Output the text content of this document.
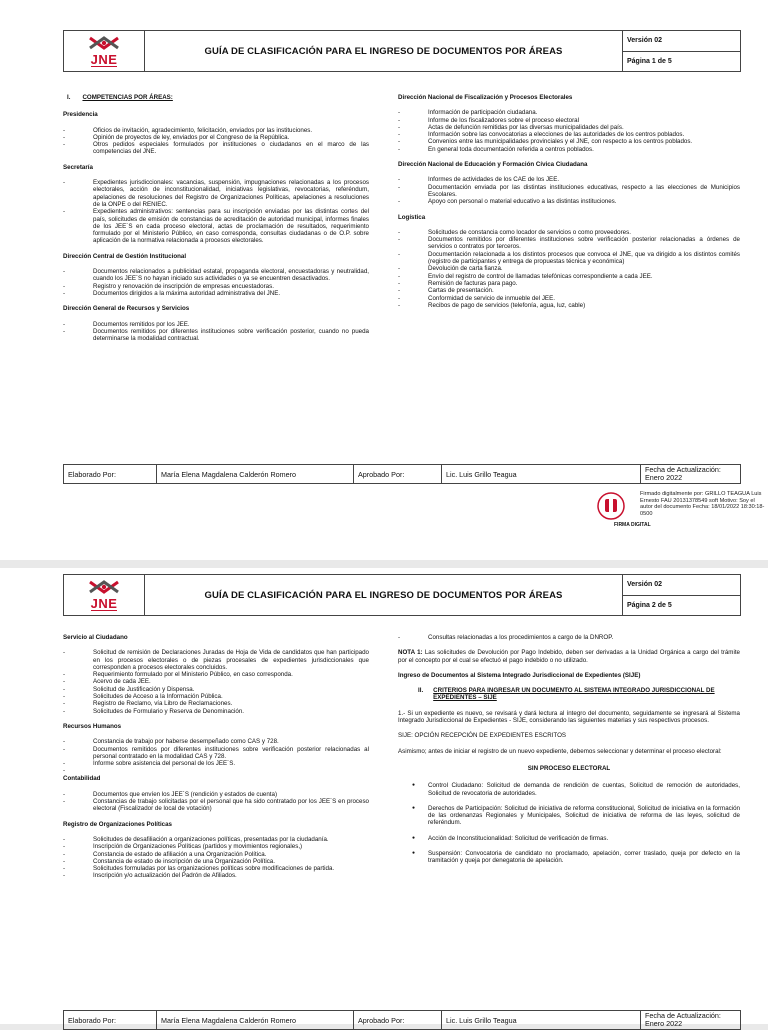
JNE
GUÍA DE CLASIFICACIÓN PARA EL INGRESO DE DOCUMENTOS POR ÁREAS
Versión 02
Página 1 de 5
I. COMPETENCIAS POR ÁREAS:
Presidencia
- Oficios de invitación, agradecimiento, felicitación, enviados por las instituciones.
- Opinión de proyectos de ley, enviados por el Congreso de la República.
- Otros pedidos especiales formulados por instituciones o ciudadanos en el marco de las competencias del JNE.
Secretaría
- Expedientes jurisdiccionales: vacancias, suspensión, impugnaciones relacionadas a los procesos electorales, acción de inconstitucionalidad, iniciativas legislativas, revocatorias, referéndum, apelaciones de resoluciones del Registro de Organizaciones Políticas, apelaciones a resoluciones de la ONPE o del RENIEC.
- Expedientes administrativos: sentencias para su inscripción enviadas por las distintas cortes del país, solicitudes de emisión de constancias de acreditación de autoridad municipal, informes finales de los JEE´S en cada proceso electoral, actas de proclamación de resultados, requerimiento formulado por el Ministerio Público, en caso corresponda, consultas ciudadanas o de O.P. sobre aplicación de la normativa relacionada a procesos electorales.
Dirección Central de Gestión Institucional
- Documentos relacionados a publicidad estatal, propaganda electoral, encuestadoras y neutralidad, cuando los JEE´S no hayan iniciado sus actividades o ya se encuentren desactivados.
- Registro y renovación de inscripción de empresas encuestadoras.
- Documentos dirigidos a la máxima autoridad administrativa del JNE.
Dirección General de Recursos y Servicios
- Documentos remitidos por los JEE.
- Documentos remitidos por diferentes instituciones sobre verificación posterior, cuando no pueda determinarse la modalidad contractual.
Dirección Nacional de Fiscalización y Procesos Electorales
- Información de participación ciudadana.
- Informe de los fiscalizadores sobre el proceso electoral
- Actas de defunción remitidas por las diversas municipalidades del país.
- Información sobre las convocatorias a elecciones de las autoridades de los centros poblados.
- Convenios entre las municipalidades provinciales y el JNE, con respecto a los centros poblados.
- En general toda documentación referida a centros poblados.
Dirección Nacional de Educación y Formación Cívica Ciudadana
- Informes de actividades de los CAE de los JEE.
- Documentación enviada por las distintas instituciones educativas, respecto a las elecciones de Municipios Escolares.
- Apoyo con personal o material educativo a las distintas instituciones.
Logística
- Solicitudes de constancia como locador de servicios o como proveedores.
- Documentos remitidos por diferentes instituciones sobre verificación posterior relacionadas a órdenes de servicios o contratos por terceros.
- Documentación relacionada a los distintos procesos que convoca el JNE, que va dirigido a los distintos comités (registro de participantes y entrega de propuestas técnica y económica)
- Devolución de carta fianza.
- Envío del registro de control de llamadas telefónicas correspondiente a cada JEE.
- Remisión de facturas para pago.
- Cartas de presentación.
- Conformidad de servicio de inmueble del JEE.
- Recibos de pago de servicios (telefonía, agua, luz, cable)
Elaborado Por:	María Elena Magdalena Calderón Romero	Aprobado Por:	Lic. Luis Grillo Teagua	Fecha de Actualización:
Enero 2022
FIRMA DIGITAL
Firmado digitalmente por: GRILLO TEAGUA Luis Ernesto FAU 20131378549 soft Motivo: Soy el autor del documento Fecha: 18/01/2022 18:30:18-0500
JNE
GUÍA DE CLASIFICACIÓN PARA EL INGRESO DE DOCUMENTOS POR ÁREAS
Versión 02
Página 2 de 5
Servicio al Ciudadano
- Solicitud de remisión de Declaraciones Juradas de Hoja de Vida de candidatos que han participado en los procesos electorales o de piezas procesales de expedientes jurisdiccionales que corresponden a procesos electorales concluidos.
- Requerimiento formulado por el Ministerio Público, en caso corresponda.
- Acervo de cada JEE.
- Solicitud de Justificación y Dispensa.
- Solicitudes de Acceso a la Información Pública.
- Registro de Reclamo, vía Libro de Reclamaciones.
- Solicitudes de Formulario y Reserva de Denominación.
Recursos Humanos
- Constancia de trabajo por haberse desempeñado como CAS y 728.
- Documentos remitidos por diferentes instituciones sobre verificación posterior relacionadas al personal contratado en la modalidad CAS y 728.
- Informe sobre asistencia del personal de los JEE´S.
Contabilidad
- Documentos que envíen los JEE´S (rendición y estados de cuenta)
- Constancias de trabajo solicitadas por el personal que ha sido contratado por los JEE´S en proceso electoral (Fiscalizador de local de votación)
Registro de Organizaciones Políticas
- Solicitudes de desafiliación a organizaciones políticas, presentadas por la ciudadanía.
- Inscripción de Organizaciones Políticas (partidos y movimientos regionales,)
- Constancia de estado de afiliación a una Organización Política.
- Constancia de estado de inscripción de una Organización Política.
- Solicitudes formuladas por las organizaciones políticas sobre modificaciones de partida.
- Inscripción y/o actualización del Padrón de Afiliados.
- Consultas relacionadas a los procedimientos a cargo de la DNROP.
NOTA 1: Las solicitudes de Devolución por Pago Indebido, deben ser derivadas a la Unidad Orgánica a cargo del trámite por el concepto por el cual se efectuó el pago indebido o no utilizado.
Ingreso de Documentos al Sistema Integrado Jurisdiccional de Expedientes (SIJE)
II. CRITERIOS PARA INGRESAR UN DOCUMENTO AL SISTEMA INTEGRADO JURISDICCIONAL DE EXPEDIENTES – SIJE
1.- Si un expediente es nuevo, se revisará y dará lectura al íntegro del documento, seguidamente se ingresará al Sistema Integrado Jurisdiccional de Expedientes - SIJE, considerando las siguientes materias y sus respectivos procesos.
SIJE: OPCIÓN RECEPCIÓN DE EXPEDIENTES ESCRITOS
Asimismo; antes de iniciar el registro de un nuevo expediente, debemos seleccionar y determinar el proceso electoral:
SIN PROCESO ELECTORAL
● Control Ciudadano: Solicitud de demanda de rendición de cuentas, Solicitud de remoción de autoridades, Solicitud de revocatoria de autoridades.
● Derechos de Participación: Solicitud de iniciativa de reforma constitucional, Solicitud de iniciativa en la formación de las ordenanzas Regionales y Municipales, Solicitud de iniciativa de reforma de las leyes, solicitud de referéndum.
● Acción de Inconstitucionalidad: Solicitud de verificación de firmas.
● Suspensión: Convocatoria de candidato no proclamado, apelación, correr traslado, queja por defecto en la tramitación y queja por denegatoria de apelación.
Elaborado Por:	María Elena Magdalena Calderón Romero	Aprobado Por:	Lic. Luis Grillo Teagua	Fecha de Actualización:
Enero 2022
